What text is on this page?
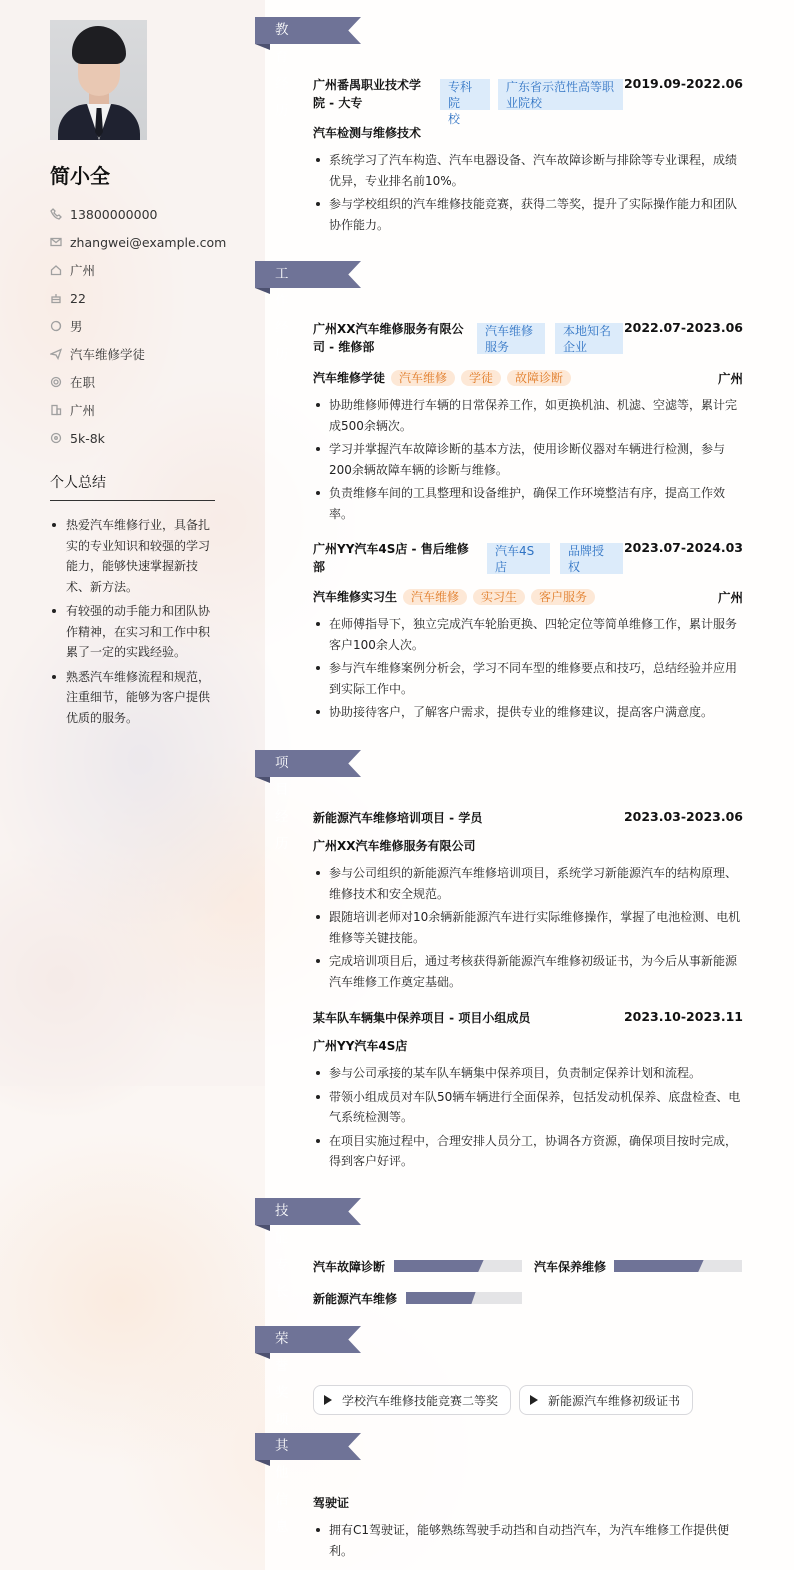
简小全
13800000000
zhangwei@example.com
广州
22
男
汽车维修学徒
在职
广州
5k-8k
个人总结
热爱汽车维修行业，具备扎实的专业知识和较强的学习能力，能够快速掌握新技术、新方法。
有较强的动手能力和团队协作精神，在实习和工作中积累了一定的实践经验。
熟悉汽车维修流程和规范，注重细节，能够为客户提供优质的服务。
教育经历
广州番禺职业技术学
院 - 大专
专科院
校
广东省示范性高等职
业院校
2019.09-2022.06
汽车检测与维修技术
系统学习了汽车构造、汽车电器设备、汽车故障诊断与排除等专业课程，成绩优异，专业排名前10%。
参与学校组织的汽车维修技能竞赛，获得二等奖，提升了实际操作能力和团队协作能力。
工作经历
广州XX汽车维修服务有限公
司 - 维修部
汽车维修
服务
本地知名
企业
2022.07-2023.06
汽车维修学徒 汽车维修 学徒 故障诊断	广州
协助维修师傅进行车辆的日常保养工作，如更换机油、机滤、空滤等，累计完成500余辆次。
学习并掌握汽车故障诊断的基本方法，使用诊断仪器对车辆进行检测，参与200余辆故障车辆的诊断与维修。
负责维修车间的工具整理和设备维护，确保工作环境整洁有序，提高工作效率。
广州YY汽车4S店 - 售后维修
部
汽车4S
店
品牌授
权
2023.07-2024.03
汽车维修实习生 汽车维修 实习生 客户服务	广州
在师傅指导下，独立完成汽车轮胎更换、四轮定位等简单维修工作，累计服务客户100余人次。
参与汽车维修案例分析会，学习不同车型的维修要点和技巧，总结经验并应用到实际工作中。
协助接待客户，了解客户需求，提供专业的维修建议，提高客户满意度。
项目经历
新能源汽车维修培训项目 - 学员	2023.03-2023.06
广州XX汽车维修服务有限公司
参与公司组织的新能源汽车维修培训项目，系统学习新能源汽车的结构原理、维修技术和安全规范。
跟随培训老师对10余辆新能源汽车进行实际维修操作，掌握了电池检测、电机维修等关键技能。
完成培训项目后，通过考核获得新能源汽车维修初级证书，为今后从事新能源汽车维修工作奠定基础。
某车队车辆集中保养项目 - 项目小组成员	2023.10-2023.11
广州YY汽车4S店
参与公司承接的某车队车辆集中保养项目，负责制定保养计划和流程。
带领小组成员对车队50辆车辆进行全面保养，包括发动机保养、底盘检查、电气系统检测等。
在项目实施过程中，合理安排人员分工，协调各方资源，确保项目按时完成，得到客户好评。
技能专长
汽车故障诊断	汽车保养维修
新能源汽车维修
荣誉奖项
学校汽车维修技能竞赛二等奖	新能源汽车维修初级证书
其他信息
驾驶证
拥有C1驾驶证，能够熟练驾驶手动挡和自动挡汽车，为汽车维修工作提供便利。
